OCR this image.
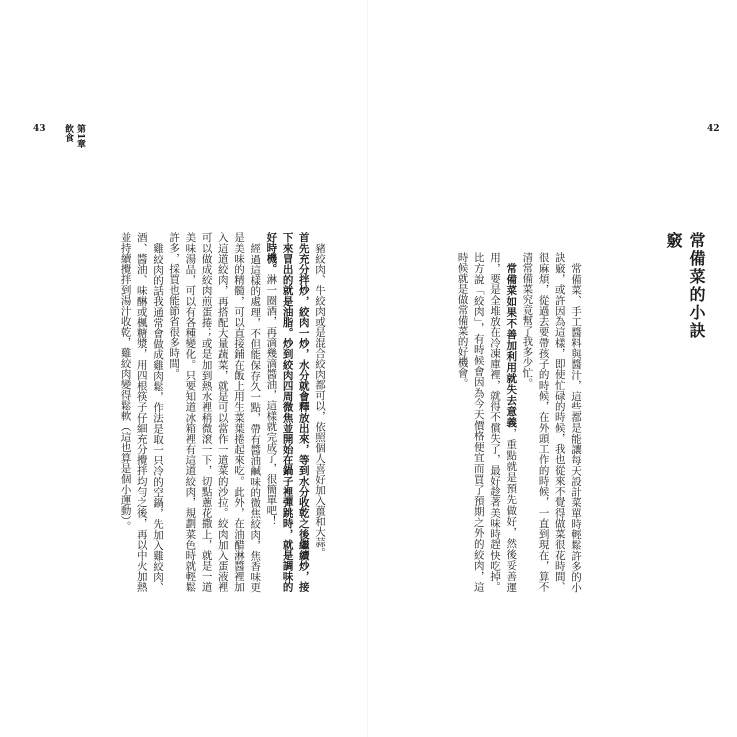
43	第1章
飲食

豬絞肉、牛絞肉或是混合絞肉都可以，依照個人喜好加入薑和大蒜。

首先充分拌炒，絞肉一炒，水分就會釋放出來，等到水分收乾之後繼續炒，接下來冒出的就是油脂。炒到絞肉四周微焦並開始在鍋子裡彈跳時，就是調味的好時機。淋一圈酒，再滴幾滴醬油，這樣就完成了，很簡單吧！

經過這樣的處理，不但能保存久一點，帶有醬油鹹味的微焦絞肉，焦香味更是美味的精髓，可以直接鋪在飯上用生菜葉捲起來吃。此外，在油醋淋醬裡加入這道絞肉，再搭配大量蔬菜，就是可以當作一道菜的沙拉。絞肉加入蛋液裡可以做成絞肉煎蛋捲；或是加到熱水裡稍微滾一下，切點蔥花撒上，就是一道美味湯品，可以有各種變化。只要知道冰箱裡有這道絞肉，規劃菜色時就輕鬆許多，採買也能節省很多時間。

雞絞肉的話我通常會做成雞肉鬆，作法是取一只冷的空鍋，先加入雞絞肉、酒、醬油、味醂或楓糖漿，用四根筷子仔細充分攪拌均勻之後，再以中火加熱並持續攪拌到湯汁收乾，雞絞肉變得鬆軟（這也算是個小運動）。

42
常備菜的小訣竅

常備菜、手工醬料與醬汁，這些都是能讓每天設計菜單時輕鬆許多的小訣竅，或許因為這樣，即使忙碌的時候，我也從來不覺得做菜很花時間、很麻煩，從過去要帶孩子的時候，在外頭工作的時候，一直到現在，算不清常備菜究竟幫了我多少忙。

常備菜如果不善加利用就失去意義，重點就是預先做好，然後妥善運用，要是全堆放在冷凍庫裡，就得不償失了，最好趁著美味時趕快吃掉。比方說「絞肉」，有時候會因為今天價格便宜而買了預期之外的絞肉，這時候就是做常備菜的好機會。
